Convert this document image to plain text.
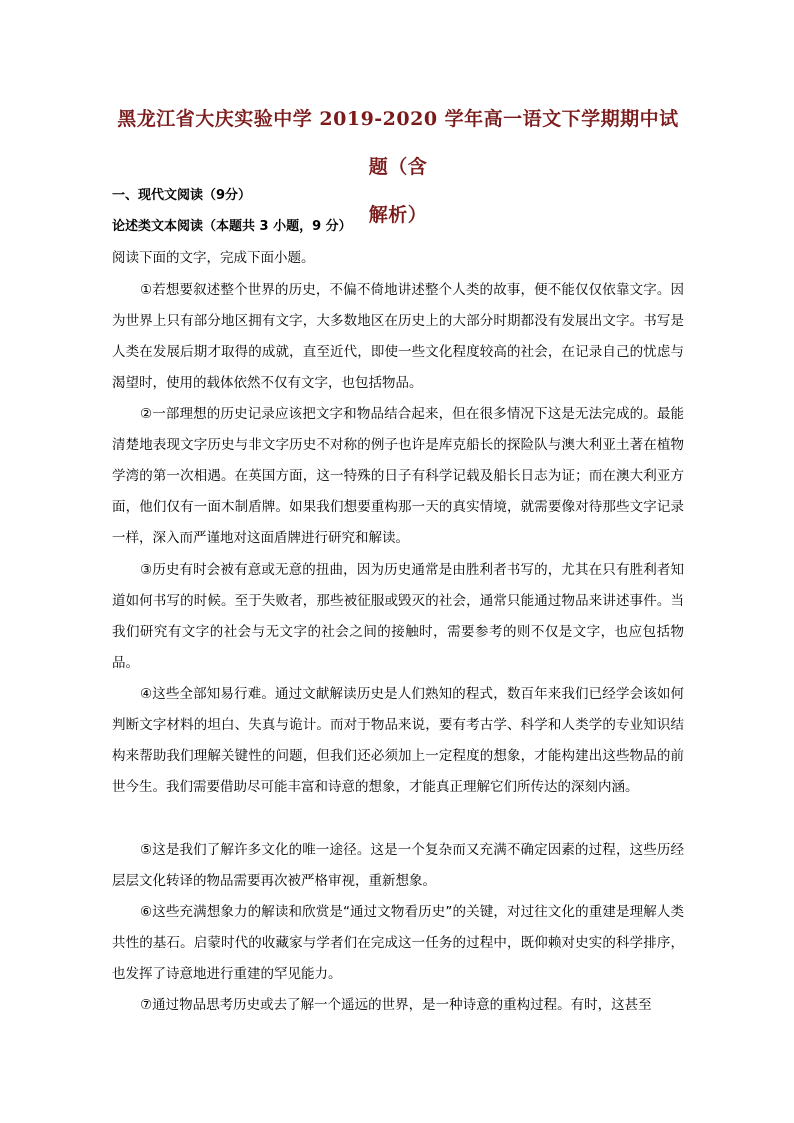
黑龙江省大庆实验中学 2019-2020 学年高一语文下学期期中试题（含
解析）
一、现代文阅读（9分）
论述类文本阅读（本题共 3 小题，9 分）
阅读下面的文字，完成下面小题。

①若想要叙述整个世界的历史，不偏不倚地讲述整个人类的故事，便不能仅仅依靠文字。因为世界上只有部分地区拥有文字，大多数地区在历史上的大部分时期都没有发展出文字。书写是人类在发展后期才取得的成就，直至近代，即使一些文化程度较高的社会，在记录自己的忧虑与渴望时，使用的载体依然不仅有文字，也包括物品。

②一部理想的历史记录应该把文字和物品结合起来，但在很多情况下这是无法完成的。最能清楚地表现文字历史与非文字历史不对称的例子也许是库克船长的探险队与澳大利亚土著在植物学湾的第一次相遇。在英国方面，这一特殊的日子有科学记载及船长日志为证；而在澳大利亚方面，他们仅有一面木制盾牌。如果我们想要重构那一天的真实情境，就需要像对待那些文字记录一样，深入而严谨地对这面盾牌进行研究和解读。

③历史有时会被有意或无意的扭曲，因为历史通常是由胜利者书写的，尤其在只有胜利者知道如何书写的时候。至于失败者，那些被征服或毁灭的社会，通常只能通过物品来讲述事件。当我们研究有文字的社会与无文字的社会之间的接触时，需要参考的则不仅是文字，也应包括物品。

④这些全部知易行难。通过文献解读历史是人们熟知的程式，数百年来我们已经学会该如何判断文字材料的坦白、失真与诡计。而对于物品来说，要有考古学、科学和人类学的专业知识结构来帮助我们理解关键性的问题，但我们还必须加上一定程度的想象，才能构建出这些物品的前世今生。我们需要借助尽可能丰富和诗意的想象，才能真正理解它们所传达的深刻内涵。

⑤这是我们了解许多文化的唯一途径。这是一个复杂而又充满不确定因素的过程，这些历经层层文化转译的物品需要再次被严格审视，重新想象。

⑥这些充满想象力的解读和欣赏是“通过文物看历史”的关键，对过往文化的重建是理解人类共性的基石。启蒙时代的收藏家与学者们在完成这一任务的过程中，既仰赖对史实的科学排序，也发挥了诗意地进行重建的罕见能力。

⑦通过物品思考历史或去了解一个遥远的世界，是一种诗意的重构过程。有时，这甚至
